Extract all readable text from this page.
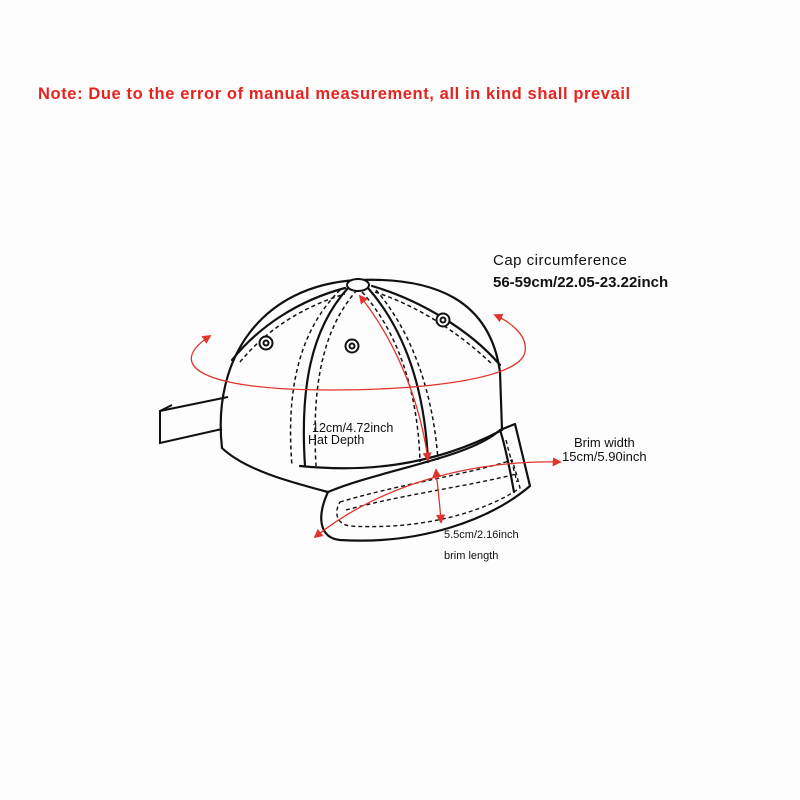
Note: Due to the error of manual measurement, all in kind shall prevail
Cap circumference
56-59cm/22.05-23.22inch
12cm/4.72inch
Hat Depth	Brim width
15cm/5.90inch
5.5cm/2.16inch
brim length
